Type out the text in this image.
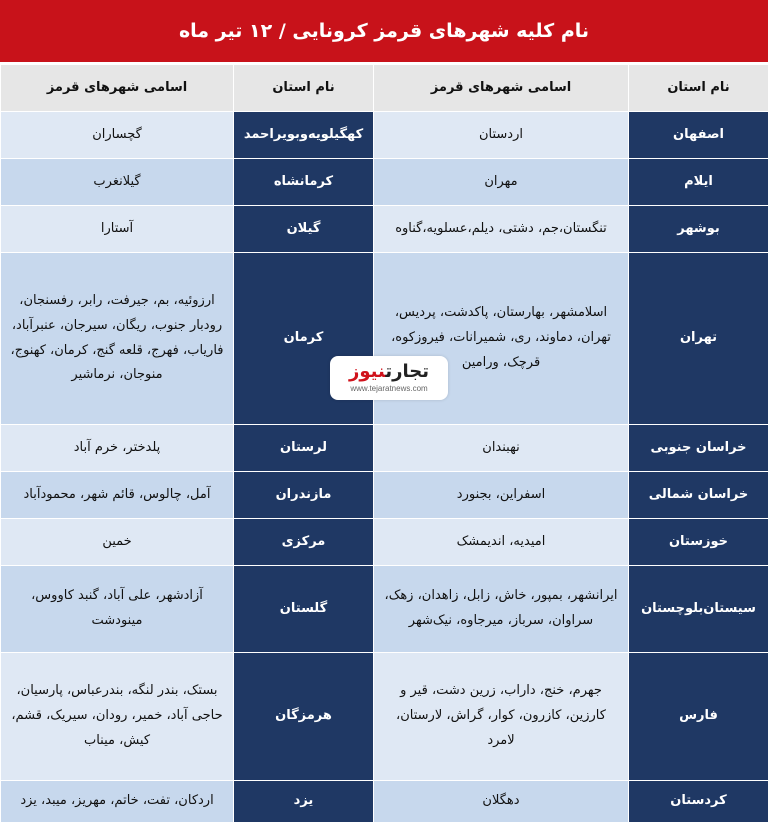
نام کلیه شهرهای قرمز کرونایی / ۱۲ تیر ماه
نام استان	اسامی شهرهای قرمز	نام استان	اسامی شهرهای قرمز
اصفهان	اردستان	کهگیلویه‌وبویراحمد	گچساران
ایلام	مهران	کرمانشاه	گیلانغرب
بوشهر	تنگستان،جم، دشتی، دیلم،عسلویه،گناوه	گیلان	آستارا
تهران	اسلامشهر، بهارستان، پاکدشت، پردیس، تهران، دماوند، ری، شمیرانات، فیروزکوه، قرچک، ورامین	کرمان	ارزوئیه، بم، جیرفت، رابر، رفسنجان، رودبار جنوب، ریگان، سیرجان، عنبرآباد، فاریاب، فهرج، قلعه گنج، کرمان، کهنوج، منوجان، نرماشیر
خراسان جنوبی	نهبندان	لرستان	پلدختر، خرم آباد
خراسان شمالی	اسفراین، بجنورد	مازندران	آمل، چالوس، قائم شهر، محمودآباد
خوزستان	امیدیه، اندیمشک	مرکزی	خمین
سیستان‌بلوچستان	ایرانشهر، بمپور، خاش، زابل، زاهدان، زهک، سراوان، سرباز، میرجاوه، نیک‌شهر	گلستان	آزادشهر، علی آباد، گنبد کاووس، مینودشت
فارس	جهرم، خنج، داراب، زرین دشت، قیر و کارزین، کازرون، کوار، گراش، لارستان، لامرد	هرمزگان	بستک، بندر لنگه، بندرعباس، پارسیان، حاجی آباد، خمیر، رودان، سیریک، قشم، کیش، میناب
کردستان	دهگلان	یزد	اردکان، تفت، خاتم، مهریز، میبد، یزد
تجارتنیوز
www.tejaratnews.com
